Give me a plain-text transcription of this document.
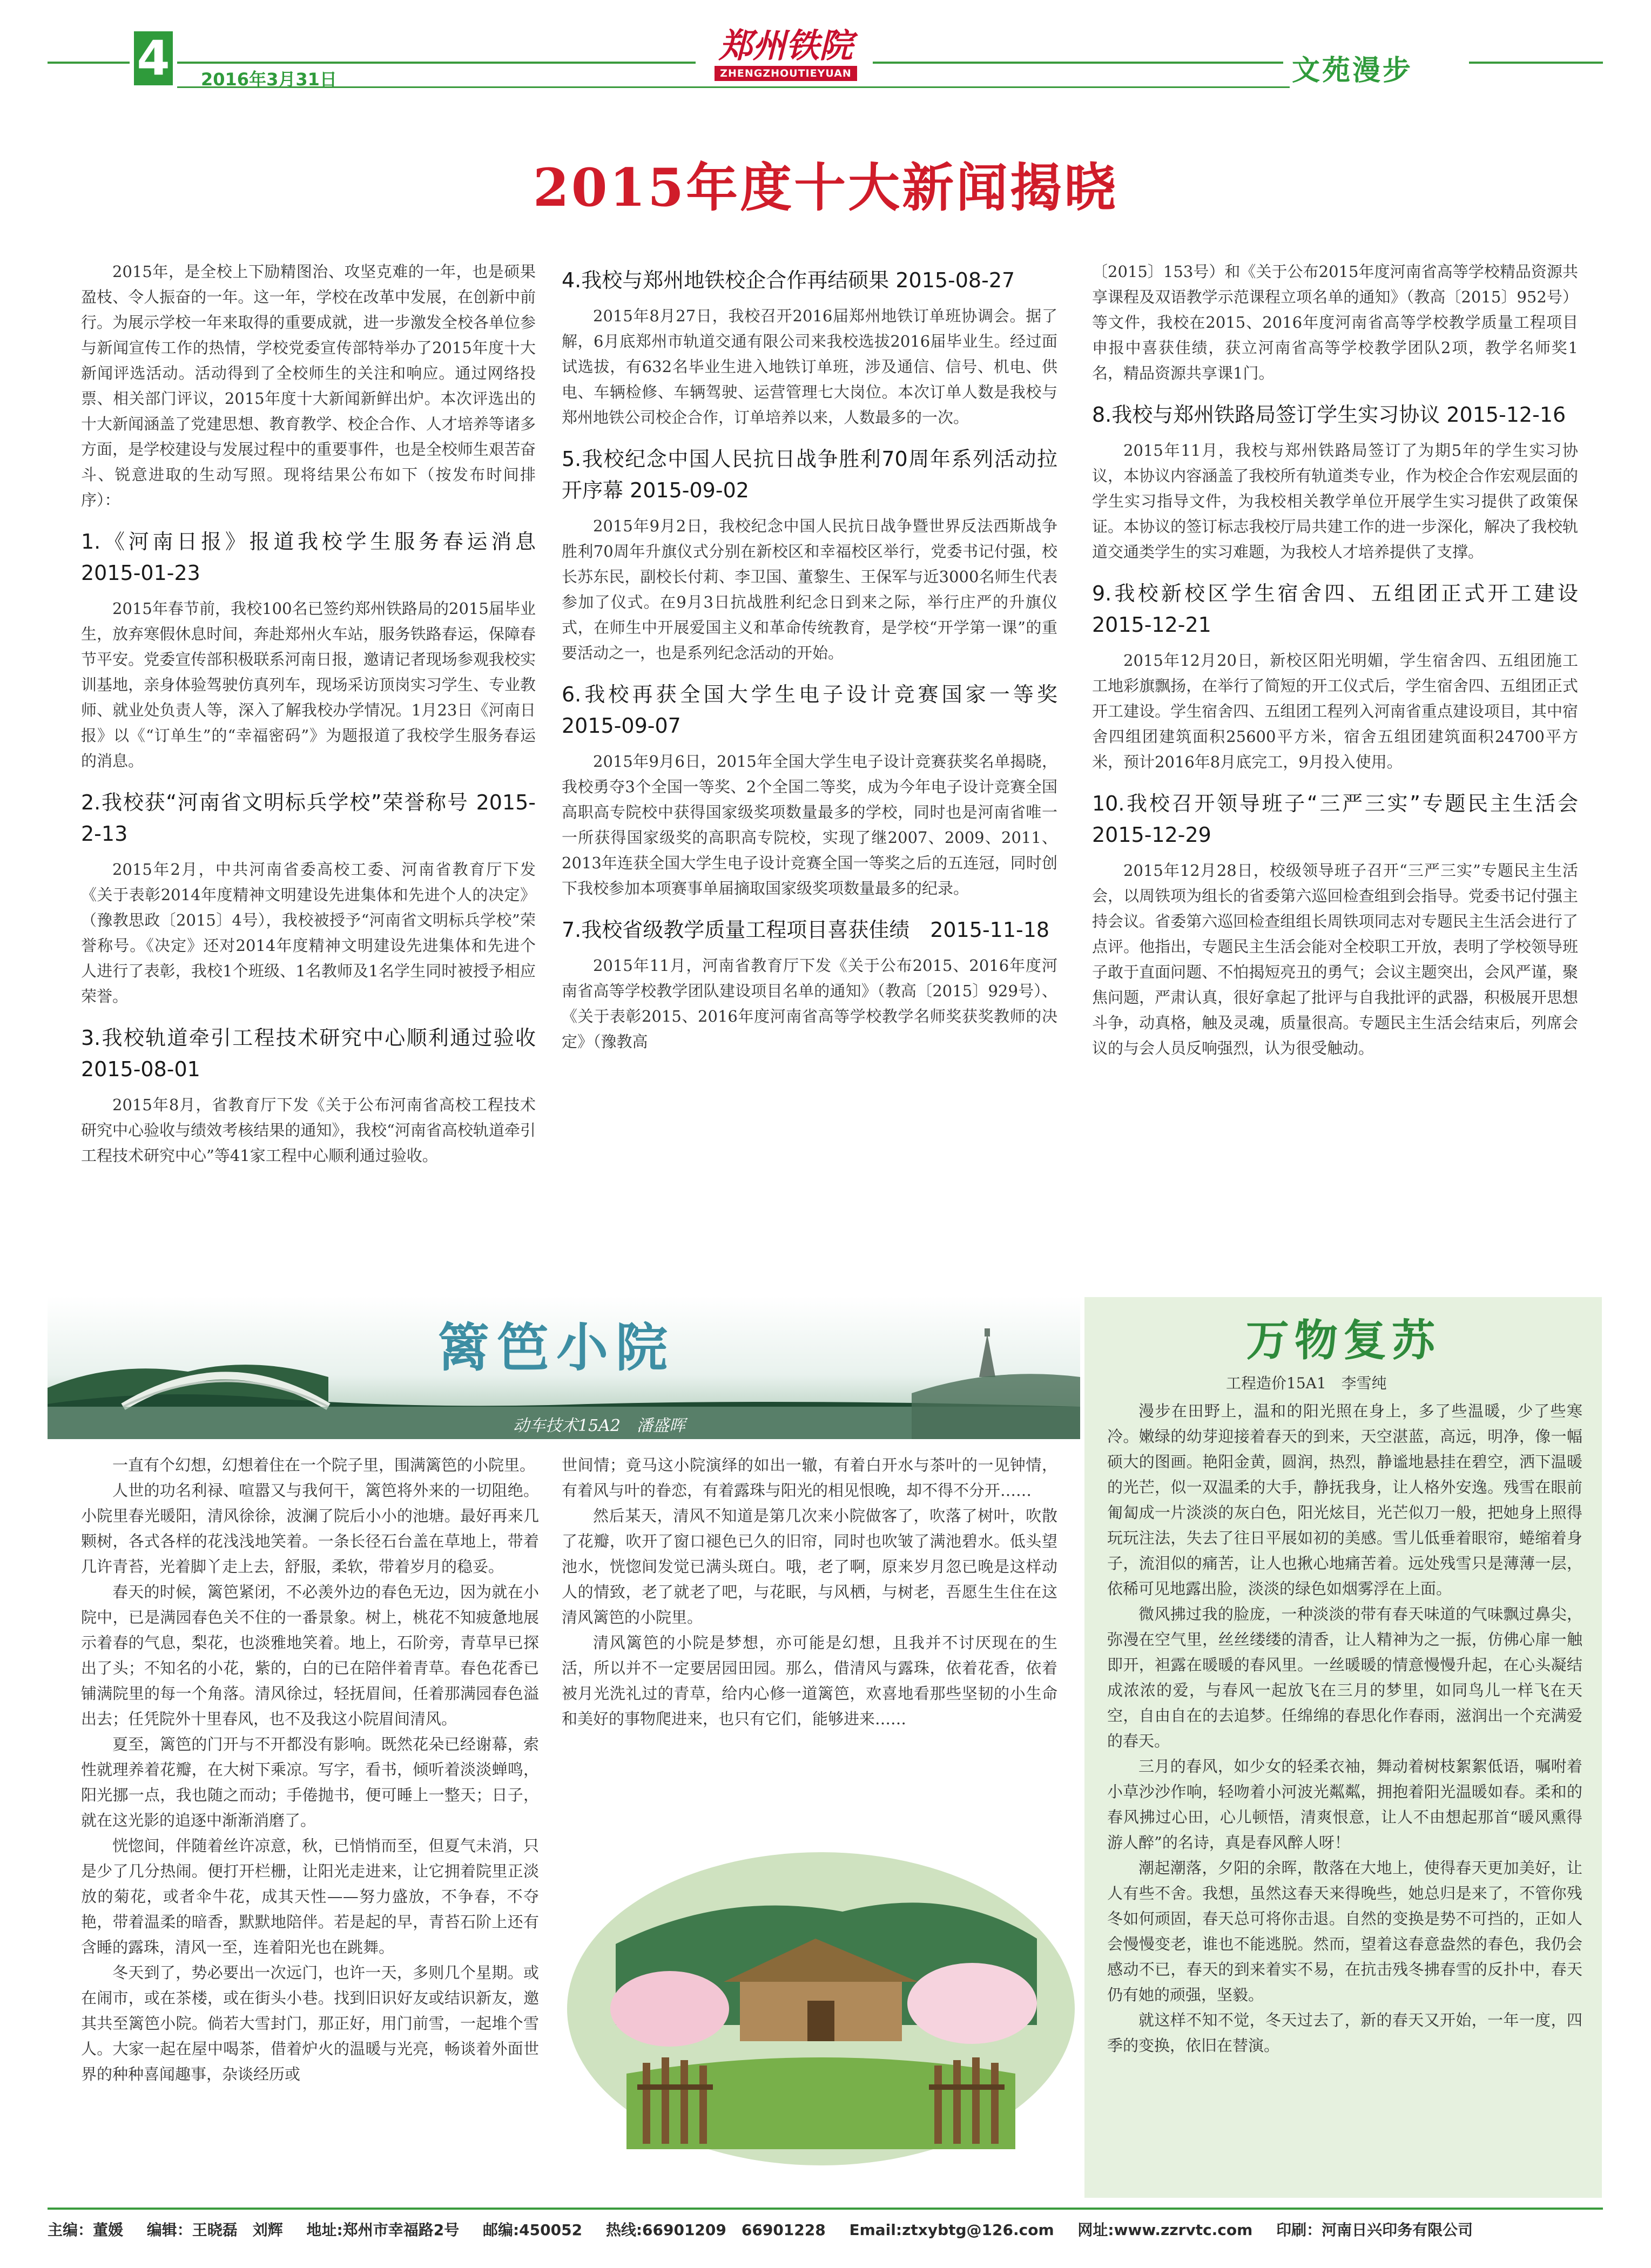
4 2016年3月31日
郑州铁院
ZHENGZHOUTIEYUAN	文苑漫步
2015年度十大新闻揭晓

2015年，是全校上下励精图治、攻坚克难的一年，也是硕果盈枝、令人振奋的一年。这一年，学校在改革中发展，在创新中前行。为展示学校一年来取得的重要成就，进一步激发全校各单位参与新闻宣传工作的热情，学校党委宣传部特举办了2015年度十大新闻评选活动。活动得到了全校师生的关注和响应。通过网络投票、相关部门评议，2015年度十大新闻新鲜出炉。本次评选出的十大新闻涵盖了党建思想、教育教学、校企合作、人才培养等诸多方面，是学校建设与发展过程中的重要事件，也是全校师生艰苦奋斗、锐意进取的生动写照。现将结果公布如下（按发布时间排序）：

1.《河南日报》报道我校学生服务春运消息　2015-01-23

2015年春节前，我校100名已签约郑州铁路局的2015届毕业生，放弃寒假休息时间，奔赴郑州火车站，服务铁路春运，保障春节平安。党委宣传部积极联系河南日报，邀请记者现场参观我校实训基地，亲身体验驾驶仿真列车，现场采访顶岗实习学生、专业教师、就业处负责人等，深入了解我校办学情况。1月23日《河南日报》以《“订单生”的“幸福密码”》为题报道了我校学生服务春运的消息。

2.我校获“河南省文明标兵学校”荣誉称号 2015-2-13

2015年2月，中共河南省委高校工委、河南省教育厅下发《关于表彰2014年度精神文明建设先进集体和先进个人的决定》（豫教思政〔2015〕4号），我校被授予“河南省文明标兵学校”荣誉称号。《决定》还对2014年度精神文明建设先进集体和先进个人进行了表彰，我校1个班级、1名教师及1名学生同时被授予相应荣誉。

3.我校轨道牵引工程技术研究中心顺利通过验收2015-08-01

2015年8月，省教育厅下发《关于公布河南省高校工程技术研究中心验收与绩效考核结果的通知》，我校“河南省高校轨道牵引工程技术研究中心”等41家工程中心顺利通过验收。

4.我校与郑州地铁校企合作再结硕果 2015-08-27

2015年8月27日，我校召开2016届郑州地铁订单班协调会。据了解，6月底郑州市轨道交通有限公司来我校选拔2016届毕业生。经过面试选拔，有632名毕业生进入地铁订单班，涉及通信、信号、机电、供电、车辆检修、车辆驾驶、运营管理七大岗位。本次订单人数是我校与郑州地铁公司校企合作，订单培养以来，人数最多的一次。

5.我校纪念中国人民抗日战争胜利70周年系列活动拉开序幕 2015-09-02

2015年9月2日，我校纪念中国人民抗日战争暨世界反法西斯战争胜利70周年升旗仪式分别在新校区和幸福校区举行，党委书记付强，校长苏东民，副校长付莉、李卫国、董黎生、王保军与近3000名师生代表参加了仪式。在9月3日抗战胜利纪念日到来之际，举行庄严的升旗仪式，在师生中开展爱国主义和革命传统教育，是学校“开学第一课”的重要活动之一，也是系列纪念活动的开始。

6.我校再获全国大学生电子设计竞赛国家一等奖　2015-09-07

2015年9月6日，2015年全国大学生电子设计竞赛获奖名单揭晓，我校勇夺3个全国一等奖、2个全国二等奖，成为今年电子设计竞赛全国高职高专院校中获得国家级奖项数量最多的学校，同时也是河南省唯一一所获得国家级奖的高职高专院校，实现了继2007、2009、2011、2013年连获全国大学生电子设计竞赛全国一等奖之后的五连冠，同时创下我校参加本项赛事单届摘取国家级奖项数量最多的纪录。

7.我校省级教学质量工程项目喜获佳绩　2015-11-18

2015年11月，河南省教育厅下发《关于公布2015、2016年度河南省高等学校教学团队建设项目名单的通知》（教高〔2015〕929号）、《关于表彰2015、2016年度河南省高等学校教学名师奖获奖教师的决定》（豫教高

〔2015〕153号）和《关于公布2015年度河南省高等学校精品资源共享课程及双语教学示范课程立项名单的通知》（教高〔2015〕952号）等文件，我校在2015、2016年度河南省高等学校教学质量工程项目申报中喜获佳绩，获立河南省高等学校教学团队2项，教学名师奖1名，精品资源共享课1门。

8.我校与郑州铁路局签订学生实习协议 2015-12-16

2015年11月，我校与郑州铁路局签订了为期5年的学生实习协议，本协议内容涵盖了我校所有轨道类专业，作为校企合作宏观层面的学生实习指导文件，为我校相关教学单位开展学生实习提供了政策保证。本协议的签订标志我校厅局共建工作的进一步深化，解决了我校轨道交通类学生的实习难题，为我校人才培养提供了支撑。

9.我校新校区学生宿舍四、五组团正式开工建设　2015-12-21

2015年12月20日，新校区阳光明媚，学生宿舍四、五组团施工工地彩旗飘扬，在举行了简短的开工仪式后，学生宿舍四、五组团正式开工建设。学生宿舍四、五组团工程列入河南省重点建设项目，其中宿舍四组团建筑面积25600平方米，宿舍五组团建筑面积24700平方米，预计2016年8月底完工，9月投入使用。

10.我校召开领导班子“三严三实”专题民主生活会 2015-12-29

2015年12月28日，校级领导班子召开“三严三实”专题民主生活会，以周铁项为组长的省委第六巡回检查组到会指导。党委书记付强主持会议。省委第六巡回检查组组长周铁项同志对专题民主生活会进行了点评。他指出，专题民主生活会能对全校职工开放，表明了学校领导班子敢于直面问题、不怕揭短亮丑的勇气；会议主题突出，会风严谨，聚焦问题，严肃认真，很好拿起了批评与自我批评的武器，积极展开思想斗争，动真格，触及灵魂，质量很高。专题民主生活会结束后，列席会议的与会人员反响强烈，认为很受触动。

篱笆小院
动车技术15A2　潘盛晖

一直有个幻想，幻想着住在一个院子里，围满篱笆的小院里。

人世的功名利禄、喧嚣又与我何干，篱笆将外来的一切阻绝。小院里春光暖阳，清风徐徐，波澜了院后小小的池塘。最好再来几颗树，各式各样的花浅浅地笑着。一条长径石台盖在草地上，带着几许青苔，光着脚丫走上去，舒服，柔软，带着岁月的稳妥。

春天的时候，篱笆紧闭，不必羡外边的春色无边，因为就在小院中，已是满园春色关不住的一番景象。树上，桃花不知疲惫地展示着春的气息，梨花，也淡雅地笑着。地上，石阶旁，青草早已探出了头；不知名的小花，紫的，白的已在陪伴着青草。春色花香已铺满院里的每一个角落。清风徐过，轻抚眉间，任着那满园春色溢出去；任凭院外十里春风，也不及我这小院眉间清风。

夏至，篱笆的门开与不开都没有影响。既然花朵已经谢幕，索性就理养着花瓣，在大树下乘凉。写字，看书，倾听着淡淡蝉鸣，阳光挪一点，我也随之而动；手倦抛书，便可睡上一整天；日子，就在这光影的追逐中渐渐消磨了。

恍惚间，伴随着丝许凉意，秋，已悄悄而至，但夏气未消，只是少了几分热闹。便打开栏栅，让阳光走进来，让它拥着院里正淡放的菊花，或者伞牛花，成其天性——努力盛放，不争春，不夺艳，带着温柔的暗香，默默地陪伴。若是起的早，青苔石阶上还有含睡的露珠，清风一至，连着阳光也在跳舞。

冬天到了，势必要出一次远门，也许一天，多则几个星期。或在闹市，或在茶楼，或在街头小巷。找到旧识好友或结识新友，邀其共至篱笆小院。倘若大雪封门，那正好，用门前雪，一起堆个雪人。大家一起在屋中喝茶，借着炉火的温暖与光亮，畅谈着外面世界的种种喜闻趣事，杂谈经历或

世间情；竟马这小院演绎的如出一辙，有着白开水与茶叶的一见钟情，有着风与叶的眷恋，有着露珠与阳光的相见恨晚，却不得不分开……

然后某天，清风不知道是第几次来小院做客了，吹落了树叶，吹散了花瓣，吹开了窗口褪色已久的旧帘，同时也吹皱了满池碧水。低头望池水，恍惚间发觉已满头斑白。哦，老了啊，原来岁月忽已晚是这样动人的情致，老了就老了吧，与花眠，与风栖，与树老，吾愿生生住在这清风篱笆的小院里。

清风篱笆的小院是梦想，亦可能是幻想，且我并不讨厌现在的生活，所以并不一定要居园田园。那么，借清风与露珠，依着花香，依着被月光洗礼过的青草，给内心修一道篱笆，欢喜地看那些坚韧的小生命和美好的事物爬进来，也只有它们，能够进来……

万物复苏
工程造价15A1　李雪纯

漫步在田野上，温和的阳光照在身上，多了些温暖，少了些寒冷。嫩绿的幼芽迎接着春天的到来，天空湛蓝，高远，明净，像一幅硕大的图画。艳阳金黄，圆润，热烈，静谧地悬挂在碧空，洒下温暖的光芒，似一双温柔的大手，静抚我身，让人格外安逸。残雪在眼前匍匐成一片淡淡的灰白色，阳光炫目，光芒似刀一般，把她身上照得玩玩注法，失去了往日平展如初的美感。雪儿低垂着眼帘，蜷缩着身子，流泪似的痛苦，让人也揪心地痛苦着。远处残雪只是薄薄一层，依稀可见地露出脸，淡淡的绿色如烟雾浮在上面。

微风拂过我的脸庞，一种淡淡的带有春天味道的气味飘过鼻尖，弥漫在空气里，丝丝缕缕的清香，让人精神为之一振，仿佛心扉一触即开，袒露在暖暖的春风里。一丝暖暖的情意慢慢升起，在心头凝结成浓浓的爱，与春风一起放飞在三月的梦里，如同鸟儿一样飞在天空，自由自在的去追梦。任绵绵的春思化作春雨，滋润出一个充满爱的春天。

三月的春风，如少女的轻柔衣袖，舞动着树枝絮絮低语，嘱咐着小草沙沙作响，轻吻着小河波光粼粼，拥抱着阳光温暖如春。柔和的春风拂过心田，心儿顿悟，清爽恨意，让人不由想起那首“暖风熏得游人醉”的名诗，真是春风醉人呀！

潮起潮落，夕阳的余晖，散落在大地上，使得春天更加美好，让人有些不舍。我想，虽然这春天来得晚些，她总归是来了，不管你残冬如何顽固，春天总可将你击退。自然的变换是势不可挡的，正如人会慢慢变老，谁也不能逃脱。然而，望着这春意盎然的春色，我仍会感动不已，春天的到来着实不易，在抗击残冬拂春雪的反扑中，春天仍有她的顽强，坚毅。

就这样不知不觉，冬天过去了，新的春天又开始，一年一度，四季的变换，依旧在替演。

主编：董媛 编辑：王晓磊　刘辉 地址:郑州市幸福路2号 邮编:450052 热线:66901209　66901228 Email:ztxybtg@126.com 网址:www.zzrvtc.com 印刷：河南日兴印务有限公司
